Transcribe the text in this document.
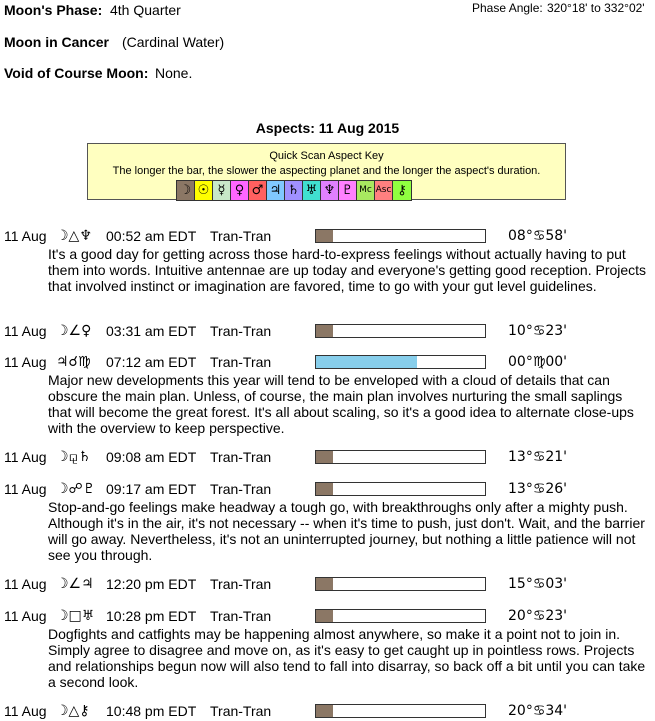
Moon's Phase: 4th Quarter	Phase Angle: 320°18' to 332°02'
Moon in Cancer (Cardinal Water)
Void of Course Moon: None.
Aspects: 11 Aug 2015
Quick Scan Aspect Key
The longer the bar, the slower the aspecting planet and the longer the aspect's duration.
☽ ☉ ☿ ♀ ♂ ♃ ♄ ♅ ♆ ♇ Mc Asc ⚷
11 Aug ☽△♆ 00:52 am EDT Tran-Tran	08°♋58'
It's a good day for getting across those hard-to-express feelings without actually having to put them into words. Intuitive antennae are up today and everyone's getting good reception. Projects that involved instinct or imagination are favored, time to go with your gut level guidelines.
11 Aug ☽∠♀ 03:31 am EDT Tran-Tran	10°♋23'
11 Aug ♃☌♍ 07:12 am EDT Tran-Tran	00°♍00'
Major new developments this year will tend to be enveloped with a cloud of details that can obscure the main plan. Unless, of course, the main plan involves nurturing the small saplings that will become the great forest. It's all about scaling, so it's a good idea to alternate close-ups with the overview to keep perspective.
11 Aug ☽⚼♄ 09:08 am EDT Tran-Tran	13°♋21'
11 Aug ☽☍♇ 09:17 am EDT Tran-Tran	13°♋26'
Stop-and-go feelings make headway a tough go, with breakthroughs only after a mighty push. Although it's in the air, it's not necessary -- when it's time to push, just don't. Wait, and the barrier will go away. Nevertheless, it's not an uninterrupted journey, but nothing a little patience will not see you through.
11 Aug ☽∠♃ 12:20 pm EDT Tran-Tran	15°♋03'
11 Aug ☽□♅ 10:28 pm EDT Tran-Tran	20°♋23'
Dogfights and catfights may be happening almost anywhere, so make it a point not to join in. Simply agree to disagree and move on, as it's easy to get caught up in pointless rows. Projects and relationships begun now will also tend to fall into disarray, so back off a bit until you can take a second look.
11 Aug ☽△⚷ 10:48 pm EDT Tran-Tran	20°♋34'
